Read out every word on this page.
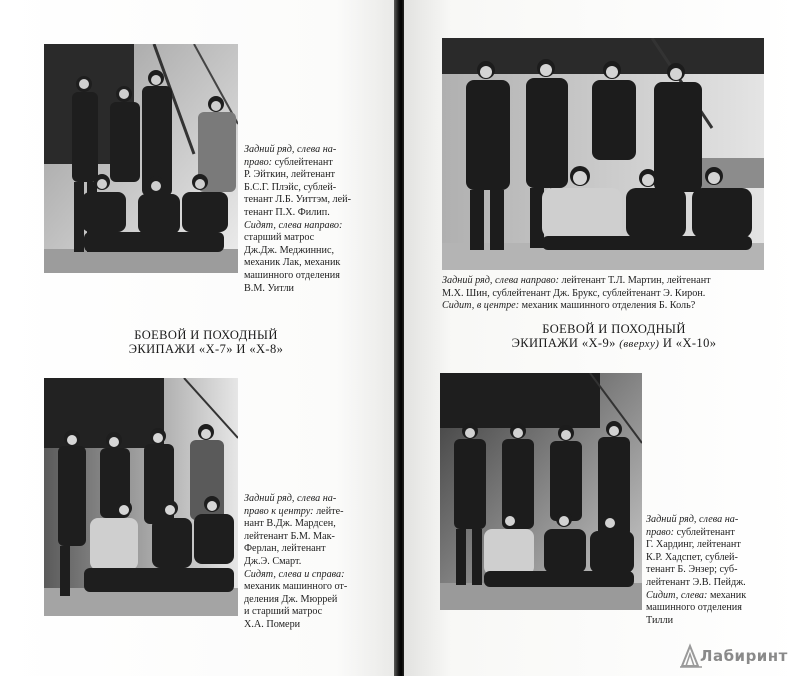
Задний ряд, слева на-
право: сублейтенант
Р. Эйткин, лейтенант
Б.С.Г. Плэйс, сублей-
тенант Л.Б. Уиттэм, лей-
тенант П.Х. Филип.
Сидят, слева направо:
старший матрос
Дж.Дж. Меджиннис,
механик Лак, механик
машинного отделения
В.М. Уитли
БОЕВОЙ И ПОХОДНЫЙ
ЭКИПАЖИ «Х-7» И «Х-8»
Задний ряд, слева на-
право к центру: лейте-
нант В.Дж. Мардсен,
лейтенант Б.М. Мак-
Ферлан, лейтенант
Дж.Э. Смарт.
Сидят, слева и справа:
механик машинного от-
деления Дж. Мюррей
и старший матрос
Х.А. Помери
Задний ряд, слева направо: лейтенант Т.Л. Мартин, лейтенант
М.Х. Шин, сублейтенант Дж. Брукс, сублейтенант Э. Кирон.
Сидит, в центре: механик машинного отделения Б. Коль?
БОЕВОЙ И ПОХОДНЫЙ
ЭКИПАЖИ «Х-9» (вверху) И «Х-10»
Задний ряд, слева на-
право: сублейтенант
Г. Хардинг, лейтенант
К.Р. Хадспет, сублей-
тенант Б. Энзер; суб-
лейтенант Э.В. Пейдж.
Сидит, слева: механик
машинного отделения
Тилли
Лабиринт
